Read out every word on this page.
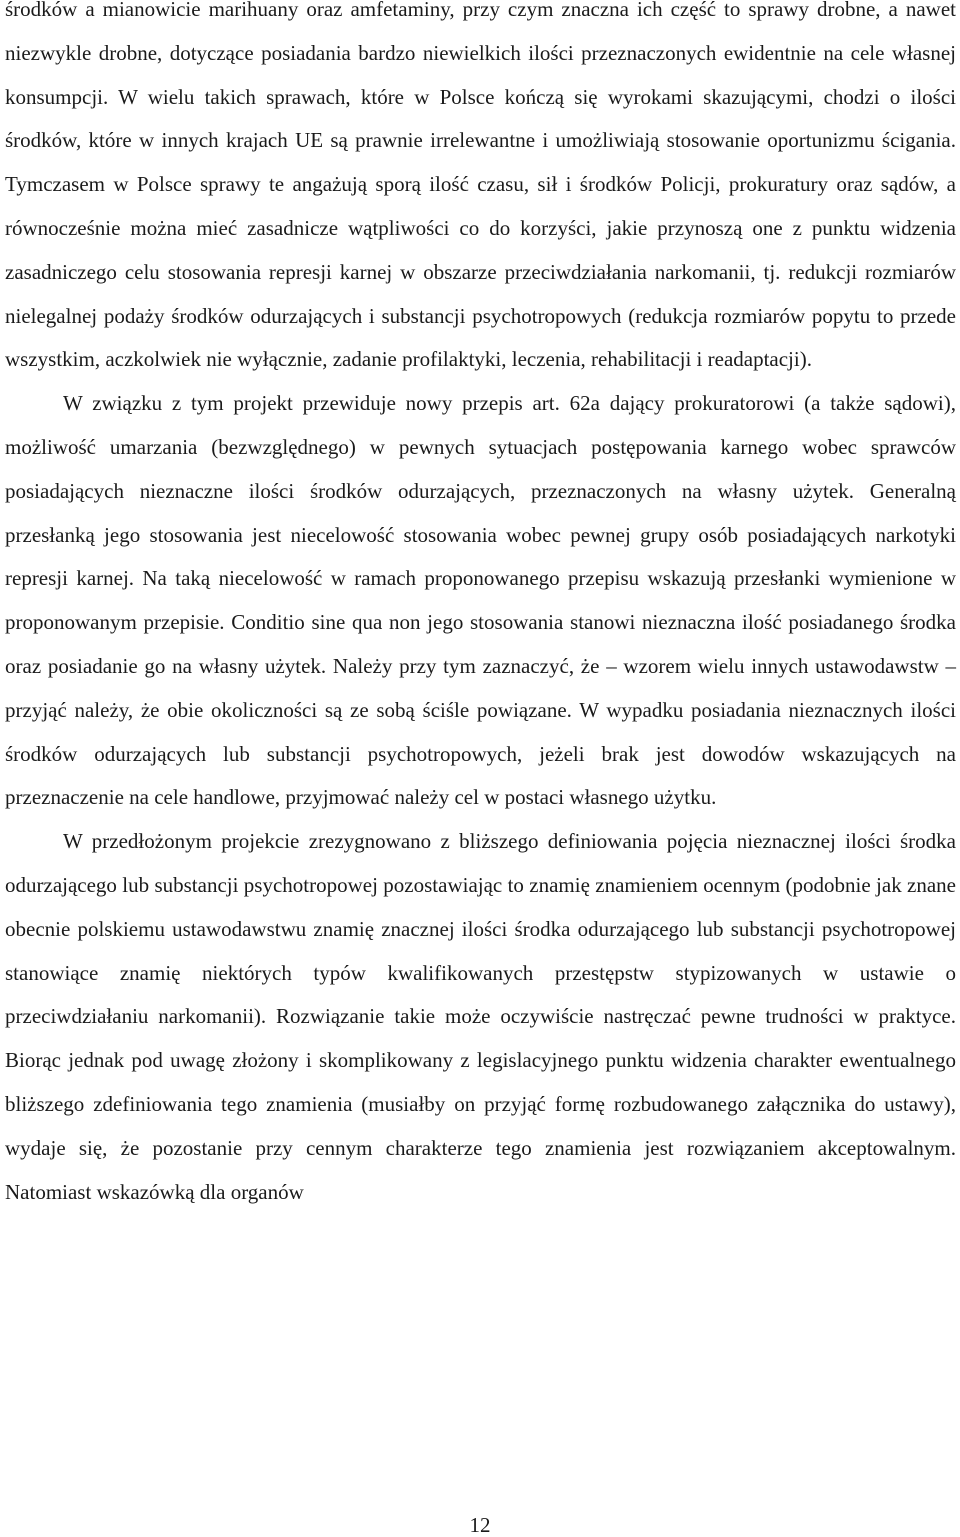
środków a mianowicie marihuany oraz amfetaminy, przy czym znaczna ich część to sprawy drobne, a nawet niezwykle drobne, dotyczące posiadania bardzo niewielkich ilości przeznaczonych ewidentnie na cele własnej konsumpcji. W wielu takich sprawach, które w Polsce kończą się wyrokami skazującymi, chodzi o ilości środków, które w innych krajach UE są prawnie irrelewantne i umożliwiają stosowanie oportunizmu ścigania. Tymczasem w Polsce sprawy te angażują sporą ilość czasu, sił i środków Policji, prokuratury oraz sądów, a równocześnie można mieć zasadnicze wątpliwości co do korzyści, jakie przynoszą one z punktu widzenia zasadniczego celu stosowania represji karnej w obszarze przeciwdziałania narkomanii, tj. redukcji rozmiarów nielegalnej podaży środków odurzających i substancji psychotropowych (redukcja rozmiarów popytu to przede wszystkim, aczkolwiek nie wyłącznie, zadanie profilaktyki, leczenia, rehabilitacji i readaptacji).

W związku z tym projekt przewiduje nowy przepis art. 62a dający prokuratorowi (a także sądowi), możliwość umarzania (bezwzględnego) w pewnych sytuacjach postępowania karnego wobec sprawców posiadających nieznaczne ilości środków odurzających, przeznaczonych na własny użytek. Generalną przesłanką jego stosowania jest niecelowość stosowania wobec pewnej grupy osób posiadających narkotyki represji karnej. Na taką niecelowość w ramach proponowanego przepisu wskazują przesłanki wymienione w proponowanym przepisie. Conditio sine qua non jego stosowania stanowi nieznaczna ilość posiadanego środka oraz posiadanie go na własny użytek. Należy przy tym zaznaczyć, że – wzorem wielu innych ustawodawstw – przyjąć należy, że obie okoliczności są ze sobą ściśle powiązane. W wypadku posiadania nieznacznych ilości środków odurzających lub substancji psychotropowych, jeżeli brak jest dowodów wskazujących na przeznaczenie na cele handlowe, przyjmować należy cel w postaci własnego użytku.

W przedłożonym projekcie zrezygnowano z bliższego definiowania pojęcia nieznacznej ilości środka odurzającego lub substancji psychotropowej pozostawiając to znamię znamieniem ocennym (podobnie jak znane obecnie polskiemu ustawodawstwu znamię znacznej ilości środka odurzającego lub substancji psychotropowej stanowiące znamię niektórych typów kwalifikowanych przestępstw stypizowanych w ustawie o przeciwdziałaniu narkomanii). Rozwiązanie takie może oczywiście nastręczać pewne trudności w praktyce. Biorąc jednak pod uwagę złożony i skomplikowany z legislacyjnego punktu widzenia charakter ewentualnego bliższego zdefiniowania tego znamienia (musiałby on przyjąć formę rozbudowanego załącznika do ustawy), wydaje się, że pozostanie przy cennym charakterze tego znamienia jest rozwiązaniem akceptowalnym. Natomiast wskazówką dla organów

12
